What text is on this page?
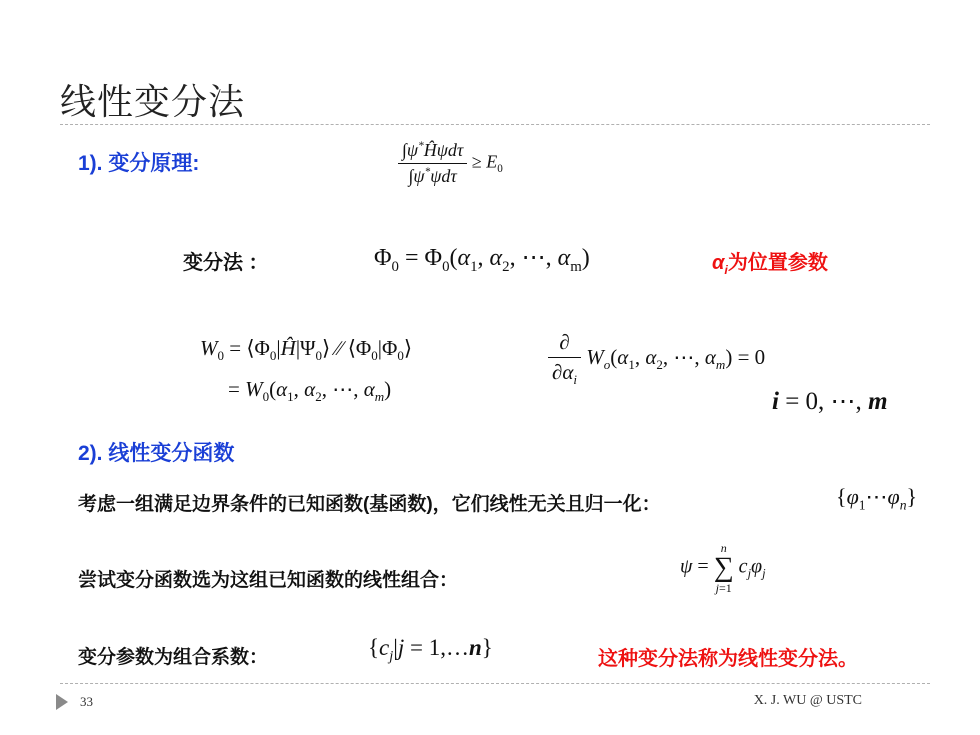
线性变分法
1). 变分原理:	$\frac{\int\psi^*Ĥ\psi d\tau}{\int\psi^*\psi d\tau} \ge E_0$
变分法 ：	$\Phi_0 = \Phi_0(\alpha_1$, $\alpha_2$, ⋯, $\alpha_m$)	$\alpha_i$为位置参数
$W_0$ = $⟨\Phi_0|Ĥ|\Psi_0⟩$ ∕∕ $⟨\Phi_0|\Phi_0⟩$
= $W_0(\alpha_1$, $\alpha_2$, ⋯, $\alpha_m$)
$\frac{\partial}{\partial\alpha_i} W_o(\alpha_1$, $\alpha_2$, ⋯, $\alpha_m) = 0$
i = 0, ⋯, m
2). 线性变分函数
考虑一组满足边界条件的已知函数(基函数)，它们线性无关且归一化：	$\{\varphi_1\cdots\varphi_n\}$
尝试变分函数选为这组已知函数的线性组合：
ψ =
n
∑
j=1
$c_j\varphi_j$
变分参数为组合系数：	{$c_j|j$ = 1,…n}	这种变分法称为线性变分法。
33	X. J. WU @ USTC
